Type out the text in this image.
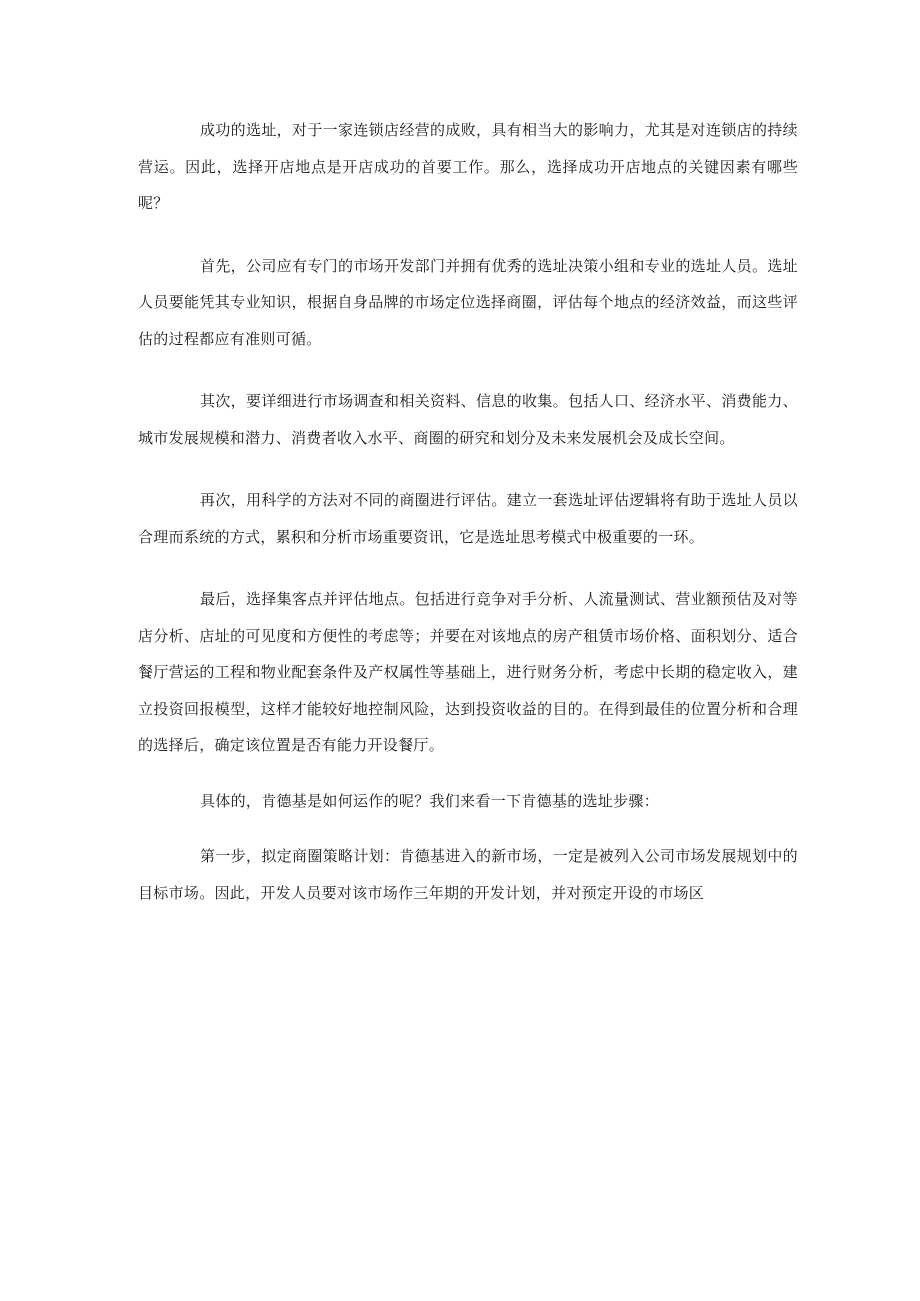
成功的选址，对于一家连锁店经营的成败，具有相当大的影响力，尤其是对连锁店的持续营运。因此，选择开店地点是开店成功的首要工作。那么，选择成功开店地点的关键因素有哪些呢？

首先，公司应有专门的市场开发部门并拥有优秀的选址决策小组和专业的选址人员。选址人员要能凭其专业知识，根据自身品牌的市场定位选择商圈，评估每个地点的经济效益，而这些评估的过程都应有准则可循。

其次，要详细进行市场调查和相关资料、信息的收集。包括人口、经济水平、消费能力、城市发展规模和潜力、消费者收入水平、商圈的研究和划分及未来发展机会及成长空间。

再次，用科学的方法对不同的商圈进行评估。建立一套选址评估逻辑将有助于选址人员以合理而系统的方式，累积和分析市场重要资讯，它是选址思考模式中极重要的一环。

最后，选择集客点并评估地点。包括进行竞争对手分析、人流量测试、营业额预估及对等店分析、店址的可见度和方便性的考虑等；并要在对该地点的房产租赁市场价格、面积划分、适合餐厅营运的工程和物业配套条件及产权属性等基础上，进行财务分析，考虑中长期的稳定收入，建立投资回报模型，这样才能较好地控制风险，达到投资收益的目的。在得到最佳的位置分析和合理的选择后，确定该位置是否有能力开设餐厅。

具体的，肯德基是如何运作的呢？我们来看一下肯德基的选址步骤：

第一步，拟定商圈策略计划：肯德基进入的新市场，一定是被列入公司市场发展规划中的目标市场。因此，开发人员要对该市场作三年期的开发计划，并对预定开设的市场区
